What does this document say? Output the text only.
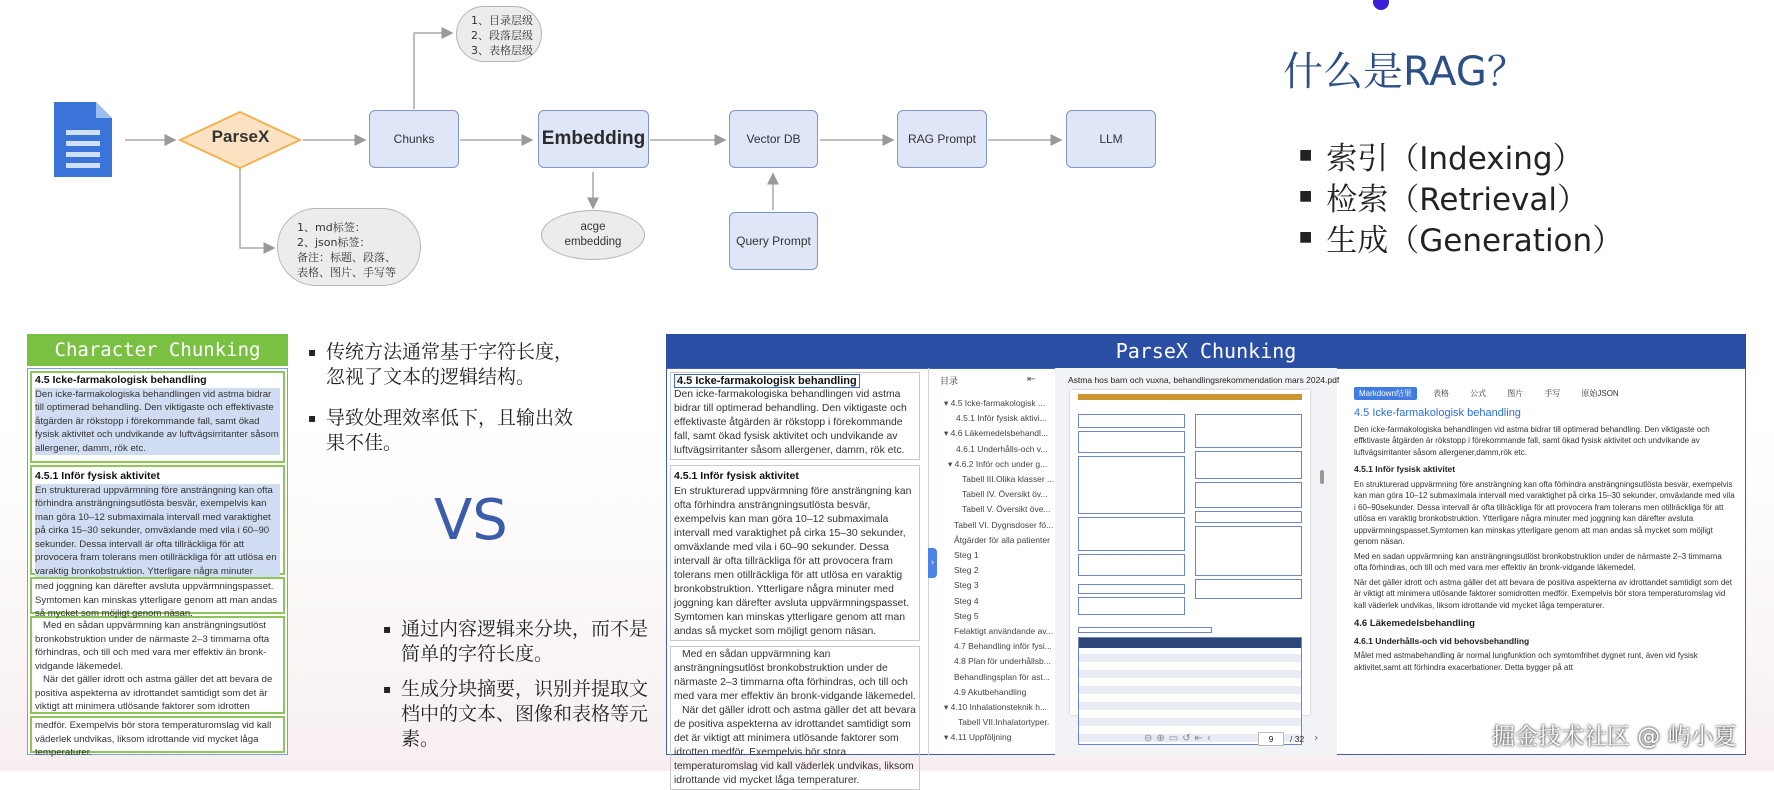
ParseX	Chunks	Embedding	Vector DB	RAG Prompt	LLM
Query Prompt
acge
embedding
1、目录层级
2、段落层级
3、表格层级
1、md标签：
2、json标签：
备注：标题、段落、
表格、图片、手写等
什么是RAG？
■ 索引（Indexing）
■ 检索（Retrieval）
■ 生成（Generation）
Character Chunking
4.5 Icke-farmakologisk behandling
Den icke-farmakologiska behandlingen vid astma bidrar till optimerad behandling. Den viktigaste och effektivaste åtgärden är rökstopp i förekommande fall, samt ökad fysisk aktivitet och undvikande av luftvägsirritanter såsom allergener, damm, rök etc.
4.5.1 Inför fysisk aktivitet
En strukturerad uppvärmning före ansträngning kan ofta förhindra ansträngningsutlösta besvär, exempelvis kan man göra 10–12 submaximala intervall med varaktighet på cirka 15–30 sekunder, omväxlande med vila i 60–90 sekunder. Dessa intervall är ofta tillräckliga för att provocera fram tolerans men otillräckliga för att utlösa en varaktig bronkobstruktion. Ytterligare några minuter
med joggning kan därefter avsluta uppvärmningspasset. Symtomen kan minskas ytterligare genom att man andas så mycket som möjligt genom näsan.
Med en sådan uppvärmning kan ansträngningsutlöst bronkobstruktion under de närmaste 2–3 timmarna ofta förhindras, och till och med vara mer effektiv än bronk-vidgande läkemedel.
När det gäller idrott och astma gäller det att bevara de positiva aspekterna av idrottandet samtidigt som det är viktigt att minimera utlösande faktorer som idrotten
medför. Exempelvis bör stora temperaturomslag vid kall väderlek undvikas, liksom idrottande vid mycket låga temperaturer.
▪ 传统方法通常基于字符长度，忽视了文本的逻辑结构。
▪ 导致处理效率低下，且输出效果不佳。
VS
▪ 通过内容逻辑来分块，而不是简单的字符长度。
▪ 生成分块摘要，识别并提取文档中的文本、图像和表格等元素。
ParseX Chunking
4.5 Icke-farmakologisk behandling
Den icke-farmakologiska behandlingen vid astma bidrar till optimerad behandling. Den viktigaste och effektivaste åtgärden är rökstopp i förekommande fall, samt ökad fysisk aktivitet och undvikande av luftvägsirritanter såsom allergener, damm, rök etc.
4.5.1 Inför fysisk aktivitet
En strukturerad uppvärmning före ansträngning kan ofta förhindra ansträngningsutlösta besvär, exempelvis kan man göra 10–12 submaximala intervall med varaktighet på cirka 15–30 sekunder, omväxlande med vila i 60–90 sekunder. Dessa intervall är ofta tillräckliga för att provocera fram tolerans men otillräckliga för att utlösa en varaktig bronkobstruktion. Ytterligare några minuter med joggning kan därefter avsluta uppvärmningspasset. Symtomen kan minskas ytterligare genom att man andas så mycket som möjligt genom näsan.
Med en sådan uppvärmning kan ansträngningsutlöst bronkobstruktion under de närmaste 2–3 timmarna ofta förhindras, och till och med vara mer effektiv än bronk-vidgande läkemedel.
När det gäller idrott och astma gäller det att bevara de positiva aspekterna av idrottandet samtidigt som det är viktigt att minimera utlösande faktorer som idrotten medför. Exempelvis bör stora temperaturomslag vid kall väderlek undvikas, liksom idrottande vid mycket låga temperaturer.
›
目录	⇤
▾ 4.5 Icke-farmakologisk ...
4.5.1 Inför fysisk aktivi...
▾ 4.6 Läkemedelsbehandl...
4.6.1 Underhålls-och v...
▾ 4.6.2 Inför och under g...
Tabell III.Olika klasser ...
Tabell IV. Översikt öv...
Tabell V. Översikt öve...
Tabell VI. Dygnsdoser fö...
Åtgärder för alla patienter
Steg 1
Steg 2
Steg 3
Steg 4
Steg 5
Felaktigt användande av...
4.7 Behandling inför fysi...
4.8 Plan för underhållsb...
Behandlingsplan för ast...
4.9 Akutbehandling
▾ 4.10 Inhalationsteknik h...
Tabell VII.Inhalatortyper.
▾ 4.11 Uppföljning
Astma hos barn och vuxna, behandlingsrekommendation mars 2024.pdf
⊖⊕▭↺⇤‹	9	/ 32 ›
Markdown结果	表格	公式	图片	手写	原始JSON
4.5 Icke-farmakologisk behandling

Den icke-farmakologiska behandlingen vid astma bidrar till optimerad behandling. Den viktigaste och effktivaste åtgärden är rökstopp i förekommande fall, samt ökad fysisk aktivitet och undvikande av luftvägsirritanter såsom allergener,damm,rök etc.

4.5.1 Inför fysisk aktivitet

En strukturerad uppvärmning före ansträngning kan ofta förhindra ansträngningsutlösta besvär, exempelvis kan man göra 10–12 submaximala intervall med varaktighet på cirka 15–30 sekunder, omväxlande med vila i 60–90sekunder. Dessa intervall är ofta tillräckliga för att provocera fram tolerans men otillräckliga för att utlösa en varaktig bronkobstruktion. Ytterligare några minuter med joggning kan därefter avsluta uppvärmningspasset.Symtomen kan minskas ytterligare genom att man andas så mycket som möjligt genom näsan.

Med en sadan uppvärmning kan ansträngningsutlöst bronkobstruktion under de närmaste 2–3 timmarna ofta förhindras, och till och med vara mer effektiv än bronk-vidgande läkemedel.

När det gäller idrott och astma gäller det att bevara de positiva aspekterna av idrottandet samtidigt som det är viktigt att minimera utlösande faktorer somidrotten medför. Exempelvis bör stora temperaturomslag vid kall väderlek undvikas, liksom idrottande vid mycket låga temperaturer.

4.6 Läkemedelsbehandling
4.6.1 Underhålls-och vid behovsbehandling

Målet med astmabehandling är normal lungfunktion och symtomfrihet dygnet runt, även vid fysisk aktivitet,samt att förhindra exacerbationer. Detta bygger på att

掘金技术社区 @ 屿小夏
